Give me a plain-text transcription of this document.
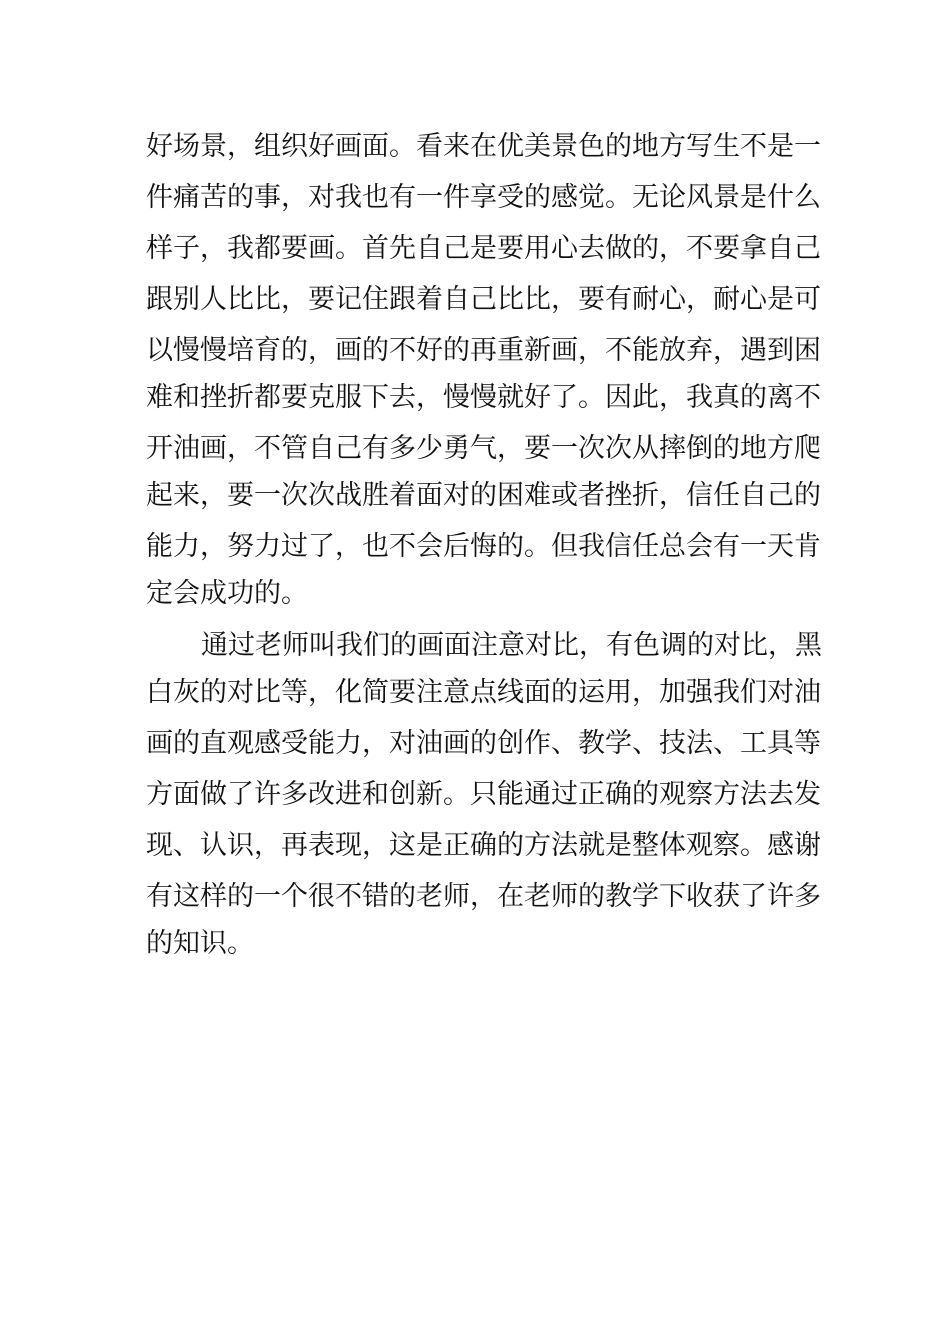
好场景，组织好画面。看来在优美景色的地方写生不是一
件痛苦的事，对我也有一件享受的感觉。无论风景是什么
样子，我都要画。首先自己是要用心去做的，不要拿自己
跟别人比比，要记住跟着自己比比，要有耐心，耐心是可
以慢慢培育的，画的不好的再重新画，不能放弃，遇到困
难和挫折都要克服下去，慢慢就好了。因此，我真的离不
开油画，不管自己有多少勇气，要一次次从摔倒的地方爬
起来，要一次次战胜着面对的困难或者挫折，信任自己的
能力，努力过了，也不会后悔的。但我信任总会有一天肯
定会成功的。
通过老师叫我们的画面注意对比，有色调的对比，黑
白灰的对比等，化简要注意点线面的运用，加强我们对油
画的直观感受能力，对油画的创作、教学、技法、工具等
方面做了许多改进和创新。只能通过正确的观察方法去发
现、认识，再表现，这是正确的方法就是整体观察。感谢
有这样的一个很不错的老师，在老师的教学下收获了许多
的知识。
